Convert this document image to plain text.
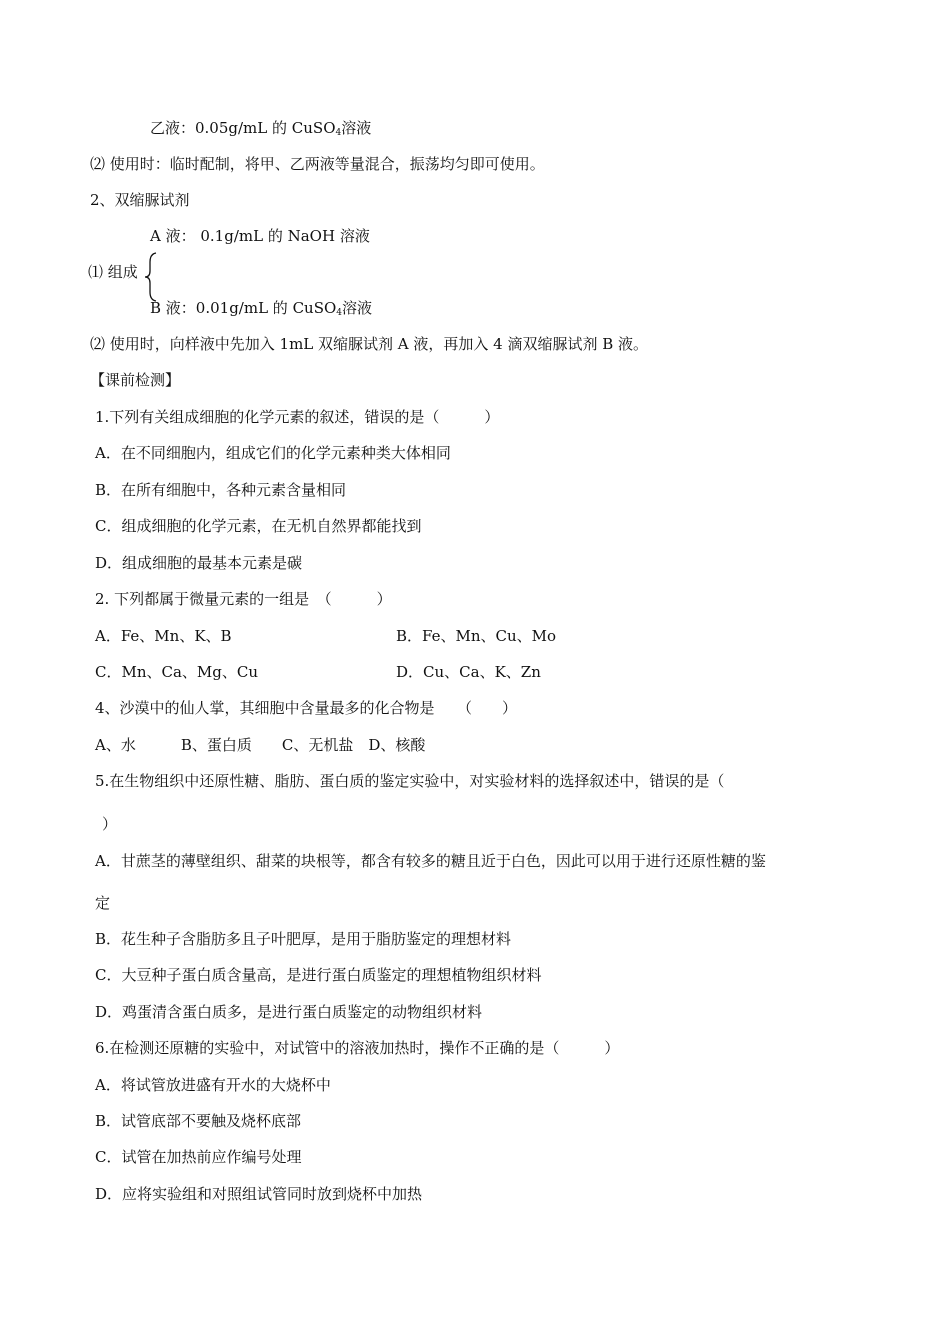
乙液：0.05g/mL 的 CuSO$_4$溶液
⑵ 使用时：临时配制，将甲、乙两液等量混合，振荡均匀即可使用。
2、双缩脲试剂
A 液： 0.1g/mL 的 NaOH 溶液
⑴ 组成
B 液：0.01g/mL 的 CuSO$_4$溶液
⑵ 使用时，向样液中先加入 1mL 双缩脲试剂 A 液，再加入 4 滴双缩脲试剂 B 液。
【课前检测】
1.下列有关组成细胞的化学元素的叙述，错误的是（　　　）
A．在不同细胞内，组成它们的化学元素种类大体相同
B．在所有细胞中，各种元素含量相同
C．组成细胞的化学元素，在无机自然界都能找到
D．组成细胞的最基本元素是碳
2. 下列都属于微量元素的一组是　（　　　）
A．Fe、Mn、K、B	B．Fe、Mn、Cu、Mo
C．Mn、Ca、Mg、Cu	D．Cu、Ca、K、Zn
4、沙漠中的仙人掌，其细胞中含量最多的化合物是　　（　　）
A、水　　　B、蛋白质　　C、无机盐　D、核酸
5.在生物组织中还原性糖、脂肪、蛋白质的鉴定实验中，对实验材料的选择叙述中，错误的是（
）
A．甘蔗茎的薄壁组织、甜菜的块根等，都含有较多的糖且近于白色，因此可以用于进行还原性糖的鉴
定
B．花生种子含脂肪多且子叶肥厚，是用于脂肪鉴定的理想材料
C．大豆种子蛋白质含量高，是进行蛋白质鉴定的理想植物组织材料
D．鸡蛋清含蛋白质多，是进行蛋白质鉴定的动物组织材料
6.在检测还原糖的实验中，对试管中的溶液加热时，操作不正确的是（　　　）
A．将试管放进盛有开水的大烧杯中
B．试管底部不要触及烧杯底部
C．试管在加热前应作编号处理
D．应将实验组和对照组试管同时放到烧杯中加热
